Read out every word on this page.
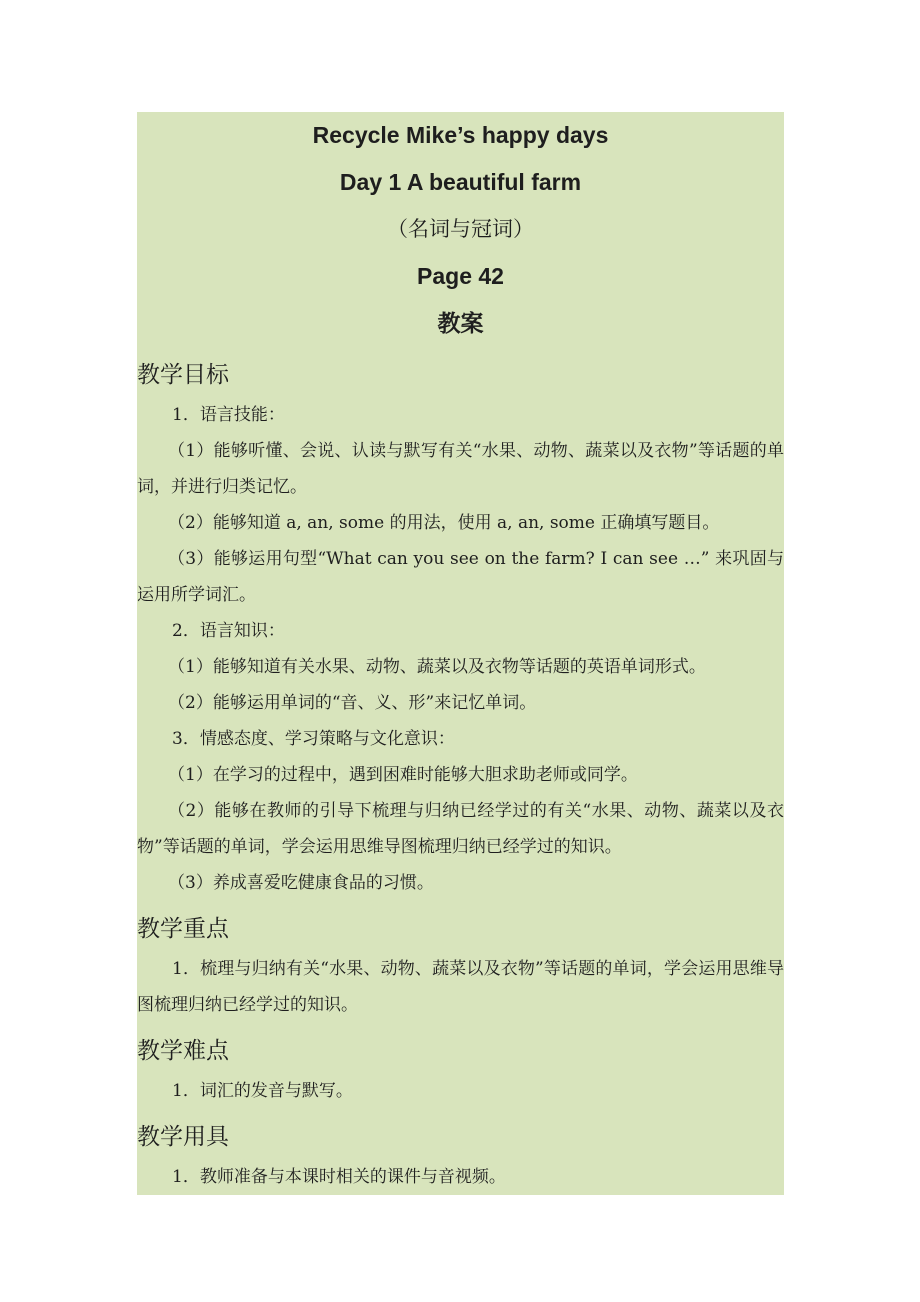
Recycle Mike’s happy days

Day 1 A beautiful farm

（名词与冠词）

Page 42

教案

教学目标

1．语言技能：

（1）能够听懂、会说、认读与默写有关“水果、动物、蔬菜以及衣物”等话题的单词，并进行归类记忆。

（2）能够知道 a, an, some 的用法，使用 a, an, some 正确填写题目。

（3）能够运用句型“What can you see on the farm? I can see …” 来巩固与运用所学词汇。

2．语言知识：

（1）能够知道有关水果、动物、蔬菜以及衣物等话题的英语单词形式。

（2）能够运用单词的“音、义、形”来记忆单词。

3．情感态度、学习策略与文化意识：

（1）在学习的过程中，遇到困难时能够大胆求助老师或同学。

（2）能够在教师的引导下梳理与归纳已经学过的有关“水果、动物、蔬菜以及衣物”等话题的单词，学会运用思维导图梳理归纳已经学过的知识。

（3）养成喜爱吃健康食品的习惯。

教学重点

1．梳理与归纳有关“水果、动物、蔬菜以及衣物”等话题的单词，学会运用思维导图梳理归纳已经学过的知识。

教学难点

1．词汇的发音与默写。

教学用具

1．教师准备与本课时相关的课件与音视频。
